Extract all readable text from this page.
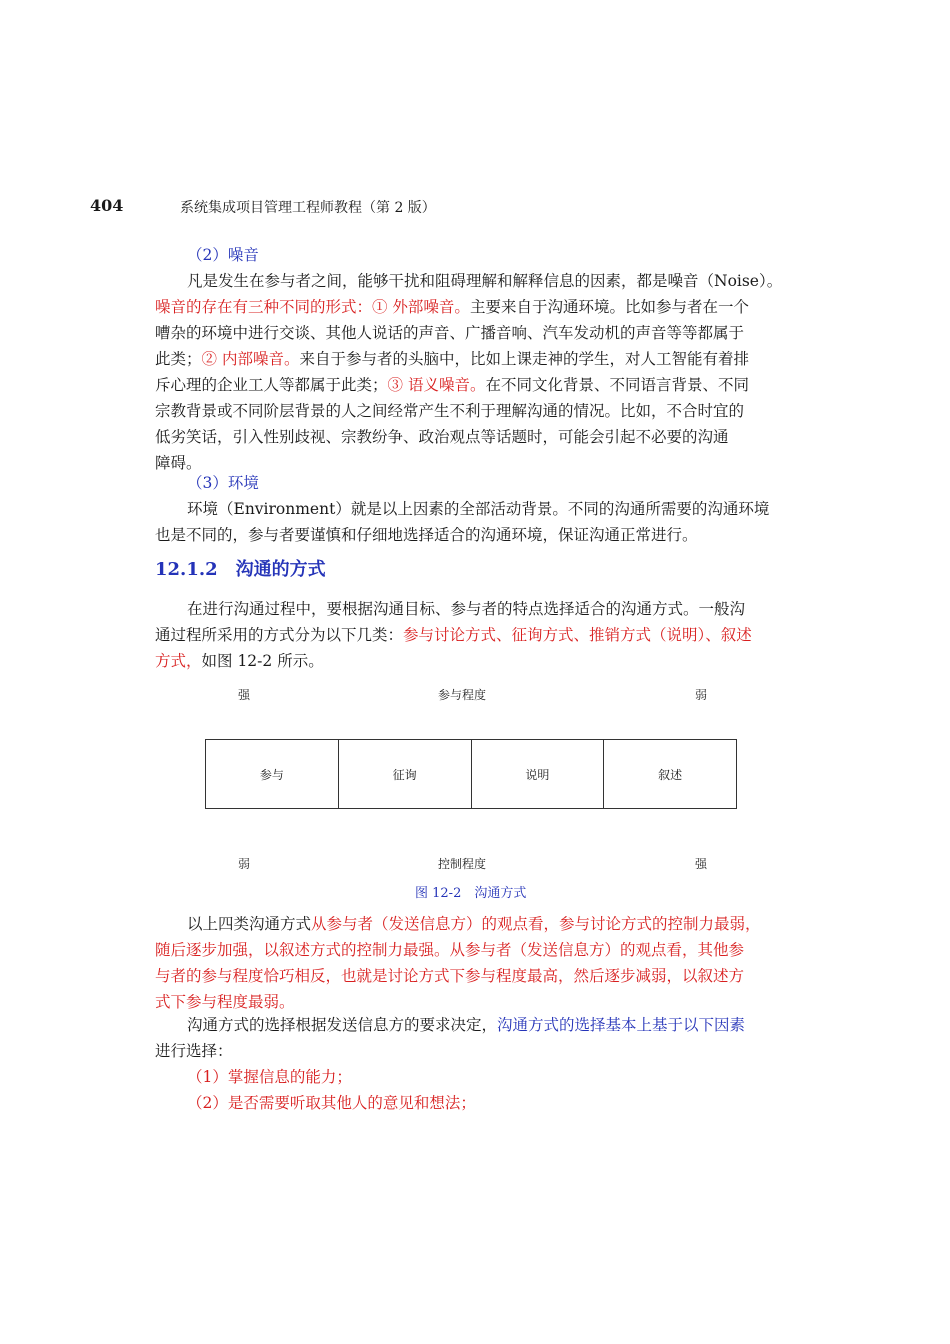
404	系统集成项目管理工程师教程（第 2 版）
（2）噪音
凡是发生在参与者之间，能够干扰和阻碍理解和解释信息的因素，都是噪音（Noise）。
噪音的存在有三种不同的形式：① 外部噪音。主要来自于沟通环境。比如参与者在一个
嘈杂的环境中进行交谈、其他人说话的声音、广播音响、汽车发动机的声音等等都属于
此类；② 内部噪音。来自于参与者的头脑中，比如上课走神的学生，对人工智能有着排
斥心理的企业工人等都属于此类；③ 语义噪音。在不同文化背景、不同语言背景、不同
宗教背景或不同阶层背景的人之间经常产生不利于理解沟通的情况。比如，不合时宜的
低劣笑话，引入性别歧视、宗教纷争、政治观点等话题时，可能会引起不必要的沟通
障碍。
（3）环境
环境（Environment）就是以上因素的全部活动背景。不同的沟通所需要的沟通环境
也是不同的，参与者要谨慎和仔细地选择适合的沟通环境，保证沟通正常进行。
12.1.2 沟通的方式
在进行沟通过程中，要根据沟通目标、参与者的特点选择适合的沟通方式。一般沟
通过程所采用的方式分为以下几类：参与讨论方式、征询方式、推销方式（说明）、叙述
方式，如图 12-2 所示。
强	参与程度	弱
参与	征询	说明	叙述
弱	控制程度	强
图 12-2　沟通方式
以上四类沟通方式从参与者（发送信息方）的观点看，参与讨论方式的控制力最弱，
随后逐步加强，以叙述方式的控制力最强。从参与者（发送信息方）的观点看，其他参
与者的参与程度恰巧相反，也就是讨论方式下参与程度最高，然后逐步减弱，以叙述方
式下参与程度最弱。
沟通方式的选择根据发送信息方的要求决定，沟通方式的选择基本上基于以下因素
进行选择：
（1）掌握信息的能力；
（2）是否需要听取其他人的意见和想法；
